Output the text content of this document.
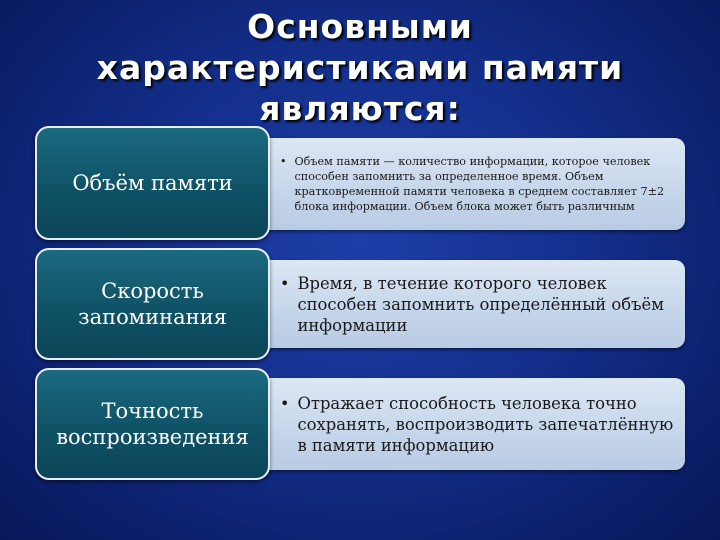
Основными
характеристиками памяти
являются:
• Объем памяти — количество информации, которое человек способен запомнить за определенное время. Объем кратковременной памяти человека в среднем составляет 7±2 блока информации. Объем блока может быть различным
Объём памяти
• Время, в течение которого человек способен запомнить определённый объём информации
Скорость
запоминания
• Отражает способность человека точно сохранять, воспроизводить запечатлённую в памяти информацию
Точность
воспроизведения
